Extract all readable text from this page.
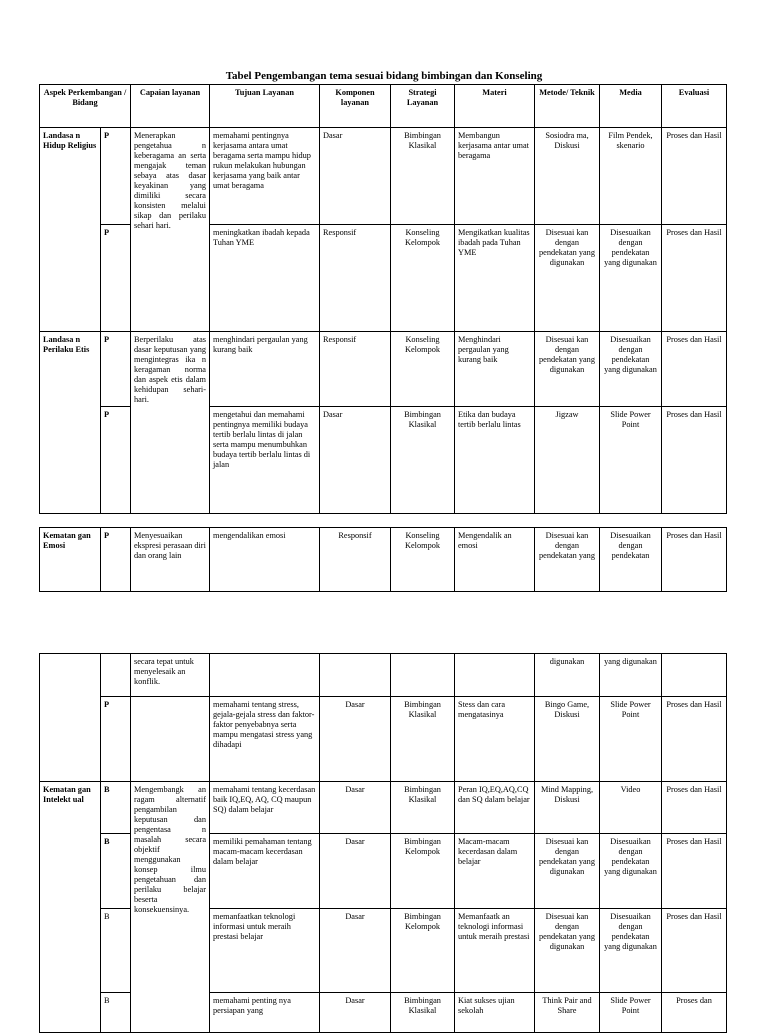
Tabel Pengembangan tema sesuai bidang bimbingan dan Konseling
Aspek Perkembangan / Bidang		Capaian layanan	Tujuan Layanan	Komponen layanan	Strategi Layanan	Materi	Metode/ Teknik	Media	Evaluasi
Landasa n Hidup Religius	P	Menerapkan pengetahua n keberagama an serta mengajak teman sebaya atas dasar keyakinan yang dimiliki secara konsisten melalui sikap dan perilaku sehari hari.	memahami pentingnya kerjasama antara umat beragama serta mampu hidup rukun melakukan hubungan kerjasama yang baik antar umat beragama	Dasar	Bimbingan Klasikal	Membangun kerjasama antar umat beragama	Sosiodra ma, Diskusi	Film Pendek, skenario	Proses dan Hasil
	P		meningkatkan ibadah kepada Tuhan YME	Responsif	Konseling Kelompok	Mengikatkan kualitas ibadah pada Tuhan YME	Disesuai kan dengan pendekatan yang digunakan	Disesuaikan dengan pendekatan yang digunakan	Proses dan Hasil
Landasa n Perilaku Etis	P	Berperilaku atas dasar keputusan yang mengintegras ika n keragaman norma dan aspek etis dalam kehidupan sehari-hari.	menghindari pergaulan yang kurang baik	Responsif	Konseling Kelompok	Menghindari pergaulan yang kurang baik	Disesuai kan dengan pendekatan yang digunakan	Disesuaikan dengan pendekatan yang digunakan	Proses dan Hasil
	P		mengetahui dan memahami pentingnya memiliki budaya tertib berlalu lintas di jalan serta mampu menumbuhkan budaya tertib berlalu lintas di jalan	Dasar	Bimbingan Klasikal	Etika dan budaya tertib berlalu lintas	Jigzaw	Slide Power Point	Proses dan Hasil
Kematan gan Emosi	P	Menyesuaikan ekspresi perasaan diri dan orang lain	mengendalikan emosi	Responsif	Konseling Kelompok	Mengendalik an emosi	Disesuai kan dengan pendekatan yang	Disesuaikan dengan pendekatan	Proses dan Hasil
		secara tepat untuk menyelesaik an konflik.					digunakan	yang digunakan	
	P		memahami tentang stress, gejala-gejala stress dan faktor-faktor penyebabnya serta mampu mengatasi stress yang dihadapi	Dasar	Bimbingan Klasikal	Stess dan cara mengatasinya	Bingo Game, Diskusi	Slide Power Point	Proses dan Hasil
Kematan gan Intelekt ual	B	Mengembangk an ragam alternatif pengambilan keputusan dan pengentasa n masalah secara objektif menggunakan konsep ilmu pengetahuan dan perilaku belajar beserta konsekuensinya.	memahami tentang kecerdasan baik IQ,EQ, AQ, CQ maupun SQ) dalam belajar	Dasar	Bimbingan Klasikal	Peran IQ,EQ,AQ,CQ dan SQ dalam belajar	Mind Mapping, Diskusi	Video	Proses dan Hasil
	B		memiliki pemahaman tentang macam-macam kecerdasan dalam belajar	Dasar	Bimbingan Kelompok	Macam-macam kecerdasan dalam belajar	Disesuai kan dengan pendekatan yang digunakan	Disesuaikan dengan pendekatan yang digunakan	Proses dan Hasil
	B		memanfaatkan teknologi informasi untuk meraih prestasi belajar	Dasar	Bimbingan Kelompok	Memanfaatk an teknologi informasi untuk meraih prestasi	Disesuai kan dengan pendekatan yang digunakan	Disesuaikan dengan pendekatan yang digunakan	Proses dan Hasil
	B		memahami penting nya persiapan yang	Dasar	Bimbingan Klasikal	Kiat sukses ujian sekolah	Think Pair and Share	Slide Power Point	Proses dan
